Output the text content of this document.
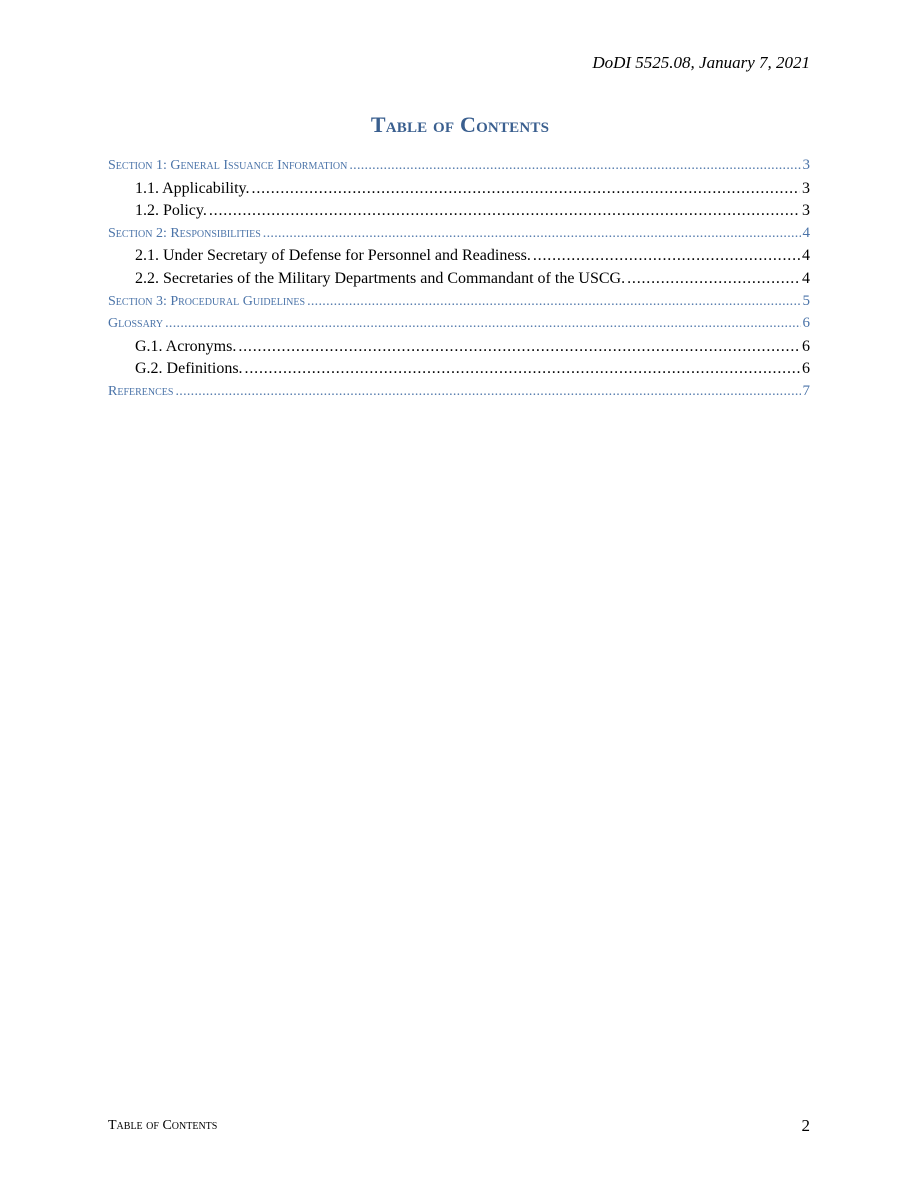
DoDI 5525.08, January 7, 2021
Table of Contents
Section 1: General Issuance Information . . .	3
1.1. Applicability. . . .	3
1.2. Policy. . . .	3
Section 2: Responsibilities . . .	4
2.1. Under Secretary of Defense for Personnel and Readiness. . . .	4
2.2. Secretaries of the Military Departments and Commandant of the USCG. . . .	4
Section 3: Procedural Guidelines . . .	5
Glossary . . .	6
G.1. Acronyms. . . .	6
G.2. Definitions. . . .	6
References . . .	7
Table of Contents	2
